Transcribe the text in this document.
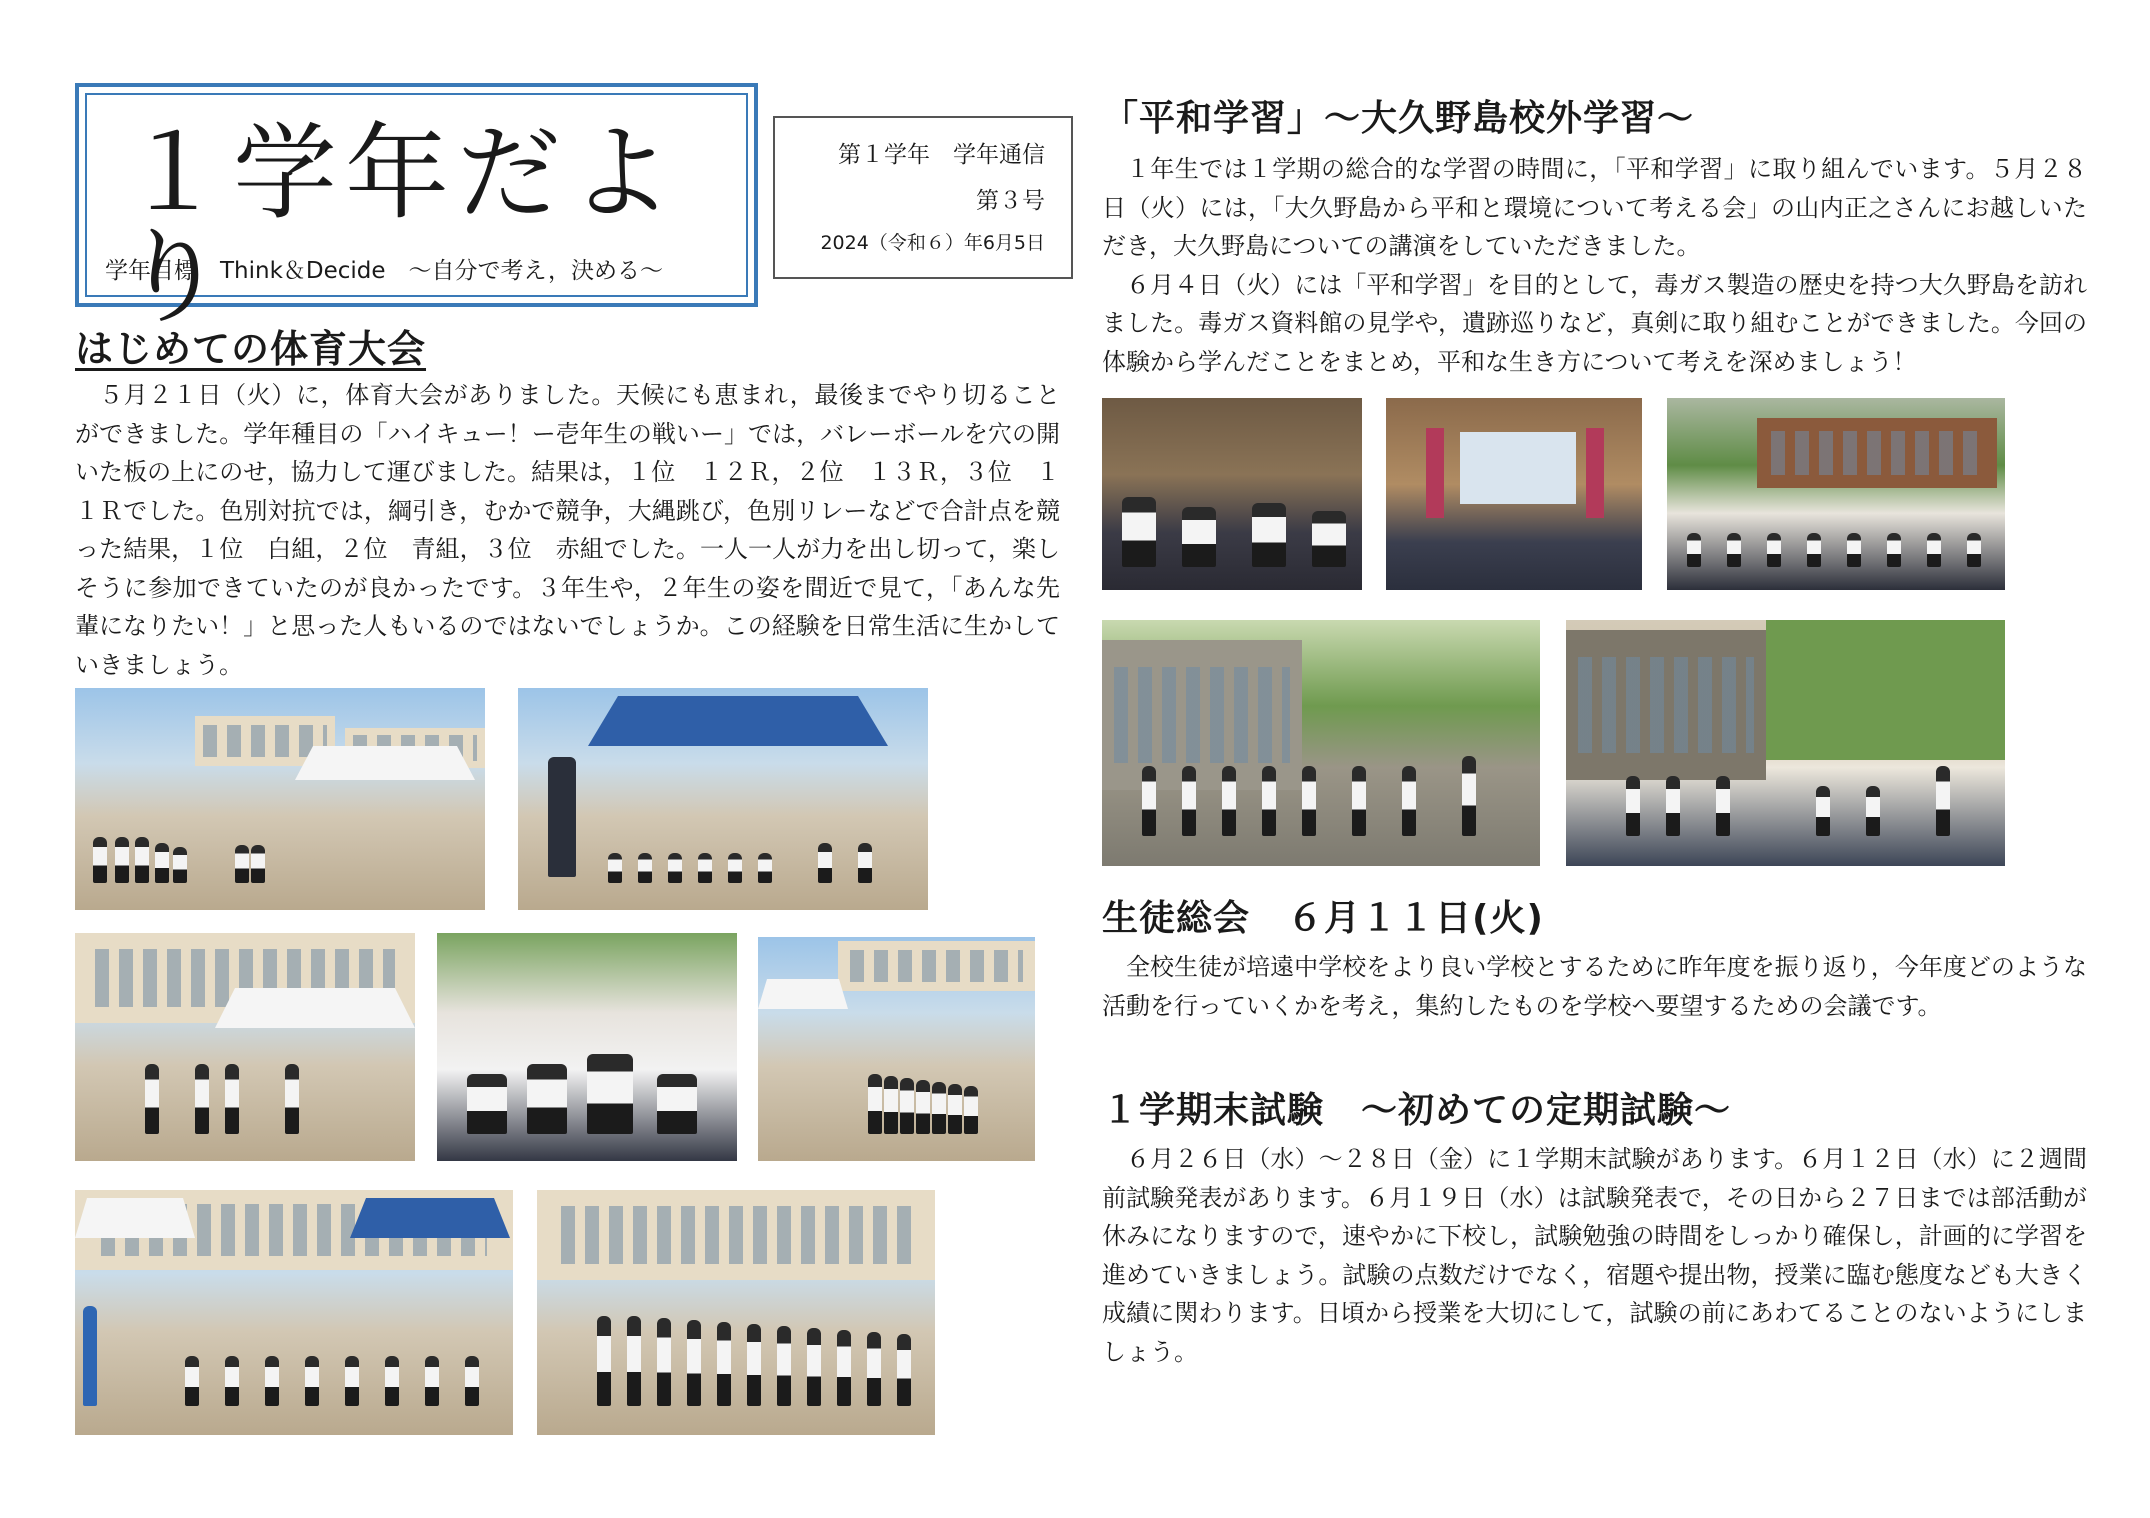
１学年だより
学年目標　Think＆Decide　～自分で考え，決める～
第１学年　学年通信
第３号
2024（令和６）年6月5日
はじめての体育大会

５月２１日（火）に，体育大会がありました。天候にも恵まれ，最後までやり切ることができました。学年種目の「ハイキュー！ー壱年生の戦いー」では，バレーボールを穴の開いた板の上にのせ，協力して運びました。結果は，１位　１２Ｒ，２位　１３Ｒ，３位　１１Ｒでした。色別対抗では，綱引き，むかで競争，大縄跳び，色別リレーなどで合計点を競った結果，１位　白組，２位　青組，３位　赤組でした。一人一人が力を出し切って，楽しそうに参加できていたのが良かったです。３年生や，２年生の姿を間近で見て，「あんな先輩になりたい！」と思った人もいるのではないでしょうか。この経験を日常生活に生かしていきましょう。

「平和学習」～大久野島校外学習～

１年生では１学期の総合的な学習の時間に，「平和学習」に取り組んでいます。５月２８日（火）には，「大久野島から平和と環境について考える会」の山内正之さんにお越しいただき，大久野島についての講演をしていただきました。

６月４日（火）には「平和学習」を目的として，毒ガス製造の歴史を持つ大久野島を訪れました。毒ガス資料館の見学や，遺跡巡りなど，真剣に取り組むことができました。今回の体験から学んだことをまとめ，平和な生き方について考えを深めましょう！

生徒総会　６月１１日(火)

全校生徒が培遠中学校をより良い学校とするために昨年度を振り返り，今年度どのような活動を行っていくかを考え，集約したものを学校へ要望するための会議です。

１学期末試験　～初めての定期試験～

６月２６日（水）～２８日（金）に１学期末試験があります。６月１２日（水）に２週間前試験発表があります。６月１９日（水）は試験発表で，その日から２７日までは部活動が休みになりますので，速やかに下校し，試験勉強の時間をしっかり確保し，計画的に学習を進めていきましょう。試験の点数だけでなく，宿題や提出物，授業に臨む態度なども大きく成績に関わります。日頃から授業を大切にして，試験の前にあわてることのないようにしましょう。
